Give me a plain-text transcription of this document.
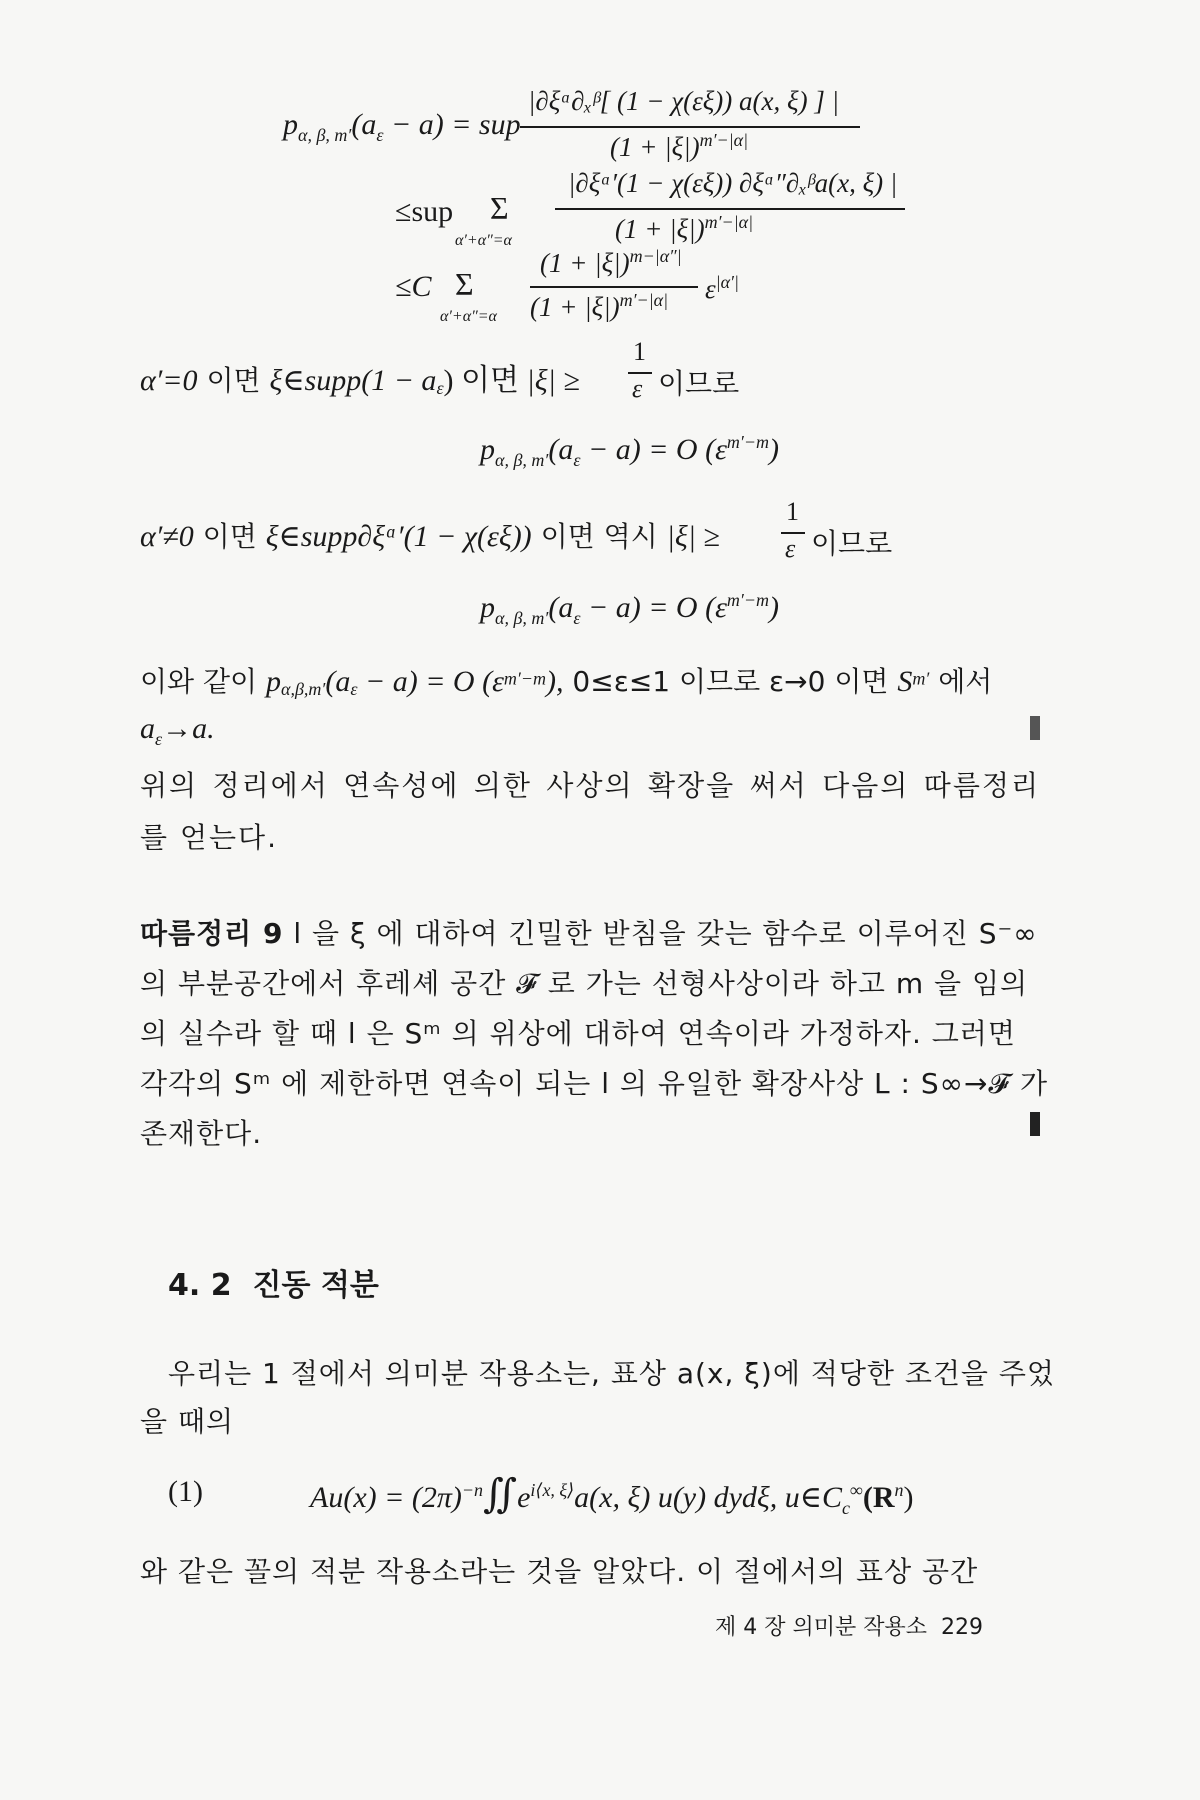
$p_{\alpha, \beta, m'}(a_\varepsilon - a)$ = sup
|∂ξᵅ∂ₓᵝ[ (1 − χ(εξ)) a(x, ξ) ] |
$(1 + |\xi|)^{m'-|\alpha|}$
≤sup Σ
α′+α″=α
|∂ξᵅ′(1 − χ(εξ)) ∂ξᵅ″∂ₓᵝa(x, ξ) |
$(1 + |\xi|)^{m'-|\alpha|}$
≤C Σ
α′+α″=α
$(1 + |\xi|)^{m-|\alpha''|}$
$(1 + |\xi|)^{m'-|\alpha|}$ $\varepsilon^{|\alpha'|}$
α′=0 이면 ξ∈supp(1 − $a_\varepsilon$) 이면 |ξ| ≥
1
ε 이므로
$p_{\alpha, \beta, m'}(a_\varepsilon - a) = O$ $(\varepsilon^{m'-m})$
α′≠0 이면 ξ∈supp∂ξᵅ′(1 − χ(εξ)) 이면 역시 |ξ| ≥
1
ε 이므로
$p_{\alpha, \beta, m'}(a_\varepsilon - a) = O$ $(\varepsilon^{m'-m})$
이와 같이 $p_{\alpha,\beta,m'}(a_\varepsilon - a) = O$ $(\varepsilon^{m'-m})$, 0≤ε≤1 이므로 ε→0 이면 $S^{m'}$ 에서
$a_\varepsilon\to a$.
위의 정리에서 연속성에 의한 사상의 확장을 써서 다음의 따름정리를 얻는다.
따름정리 9 l 을 ξ 에 대하여 긴밀한 받침을 갖는 함수로 이루어진 S⁻∞
의 부분공간에서 후레셰 공간 𝓕 로 가는 선형사상이라 하고 m 을 임의
의 실수라 할 때 l 은 Sᵐ 의 위상에 대하여 연속이라 가정하자. 그러면
각각의 Sᵐ 에 제한하면 연속이 되는 l 의 유일한 확장사상 L : S∞→𝓕 가
존재한다.
4. 2 진동 적분
우리는 1 절에서 의미분 작용소는, 표상 a(x, ξ)에 적당한 조건을 주었
을 때의
(1)	$Au(x) = (2\pi)^{-n}∬e^{i⟨x, \xi⟩}a(x$, ξ) u(y) dydξ, $u\in C_c^\infty(R^n)$
와 같은 꼴의 적분 작용소라는 것을 알았다. 이 절에서의 표상 공간
제 4 장 의미분 작용소 229
